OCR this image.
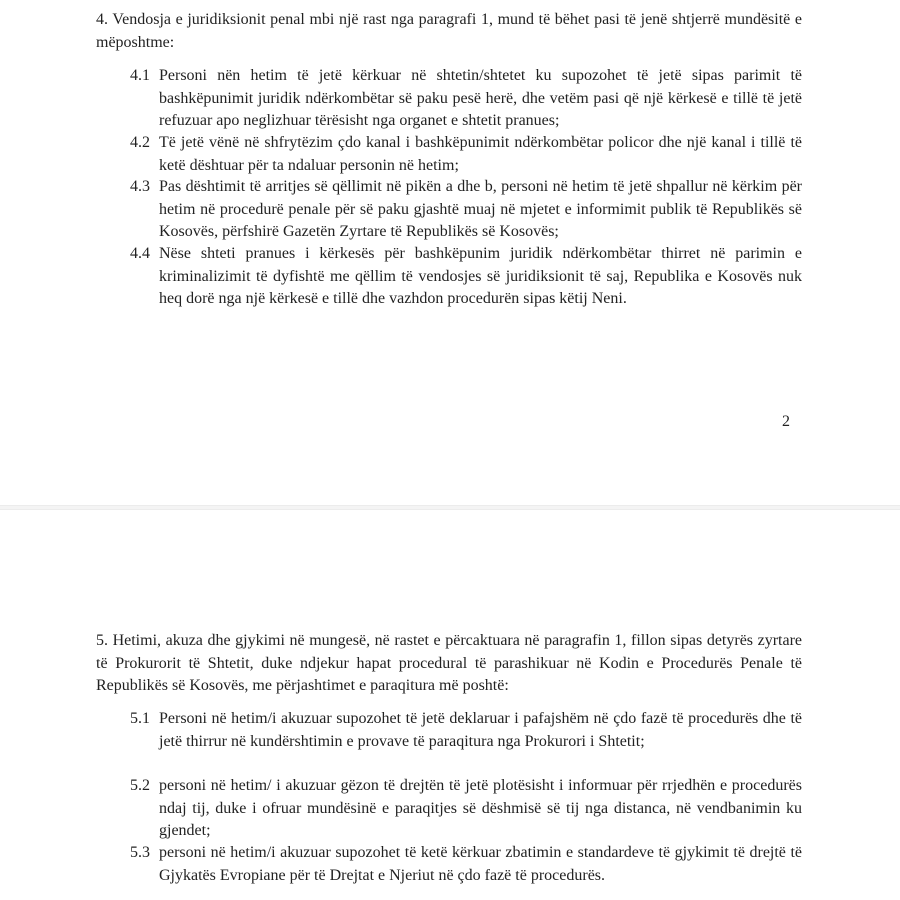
4. Vendosja e juridiksionit penal mbi një rast nga paragrafi 1, mund të bëhet pasi të jenë shtjerrë mundësitë e mëposhtme:

4.1 Personi nën hetim të jetë kërkuar në shtetin/shtetet ku supozohet të jetë sipas parimit të bashkëpunimit juridik ndërkombëtar së paku pesë herë, dhe vetëm pasi që një kërkesë e tillë të jetë refuzuar apo neglizhuar tërësisht nga organet e shtetit pranues;
4.2 Të jetë vënë në shfrytëzim çdo kanal i bashkëpunimit ndërkombëtar policor dhe një kanal i tillë të ketë dështuar për ta ndaluar personin në hetim;
4.3 Pas dështimit të arritjes së qëllimit në pikën a dhe b, personi në hetim të jetë shpallur në kërkim për hetim në procedurë penale për së paku gjashtë muaj në mjetet e informimit publik të Republikës së Kosovës, përfshirë Gazetën Zyrtare të Republikës së Kosovës;
4.4 Nëse shteti pranues i kërkesës për bashkëpunim juridik ndërkombëtar thirret në parimin e kriminalizimit të dyfishtë me qëllim të vendosjes së juridiksionit të saj, Republika e Kosovës nuk heq dorë nga një kërkesë e tillë dhe vazhdon procedurën sipas këtij Neni.
2

5. Hetimi, akuza dhe gjykimi në mungesë, në rastet e përcaktuara në paragrafin 1, fillon sipas detyrës zyrtare të Prokurorit të Shtetit, duke ndjekur hapat procedural të parashikuar në Kodin e Procedurës Penale të Republikës së Kosovës, me përjashtimet e paraqitura më poshtë:

5.1 Personi në hetim/i akuzuar supozohet të jetë deklaruar i pafajshëm në çdo fazë të procedurës dhe të jetë thirrur në kundërshtimin e provave të paraqitura nga Prokurori i Shtetit;
5.2 personi në hetim/ i akuzuar gëzon të drejtën të jetë plotësisht i informuar për rrjedhën e procedurës ndaj tij, duke i ofruar mundësinë e paraqitjes së dëshmisë së tij nga distanca, në vendbanimin ku gjendet;
5.3 personi në hetim/i akuzuar supozohet të ketë kërkuar zbatimin e standardeve të gjykimit të drejtë të Gjykatës Evropiane për të Drejtat e Njeriut në çdo fazë të procedurës.
